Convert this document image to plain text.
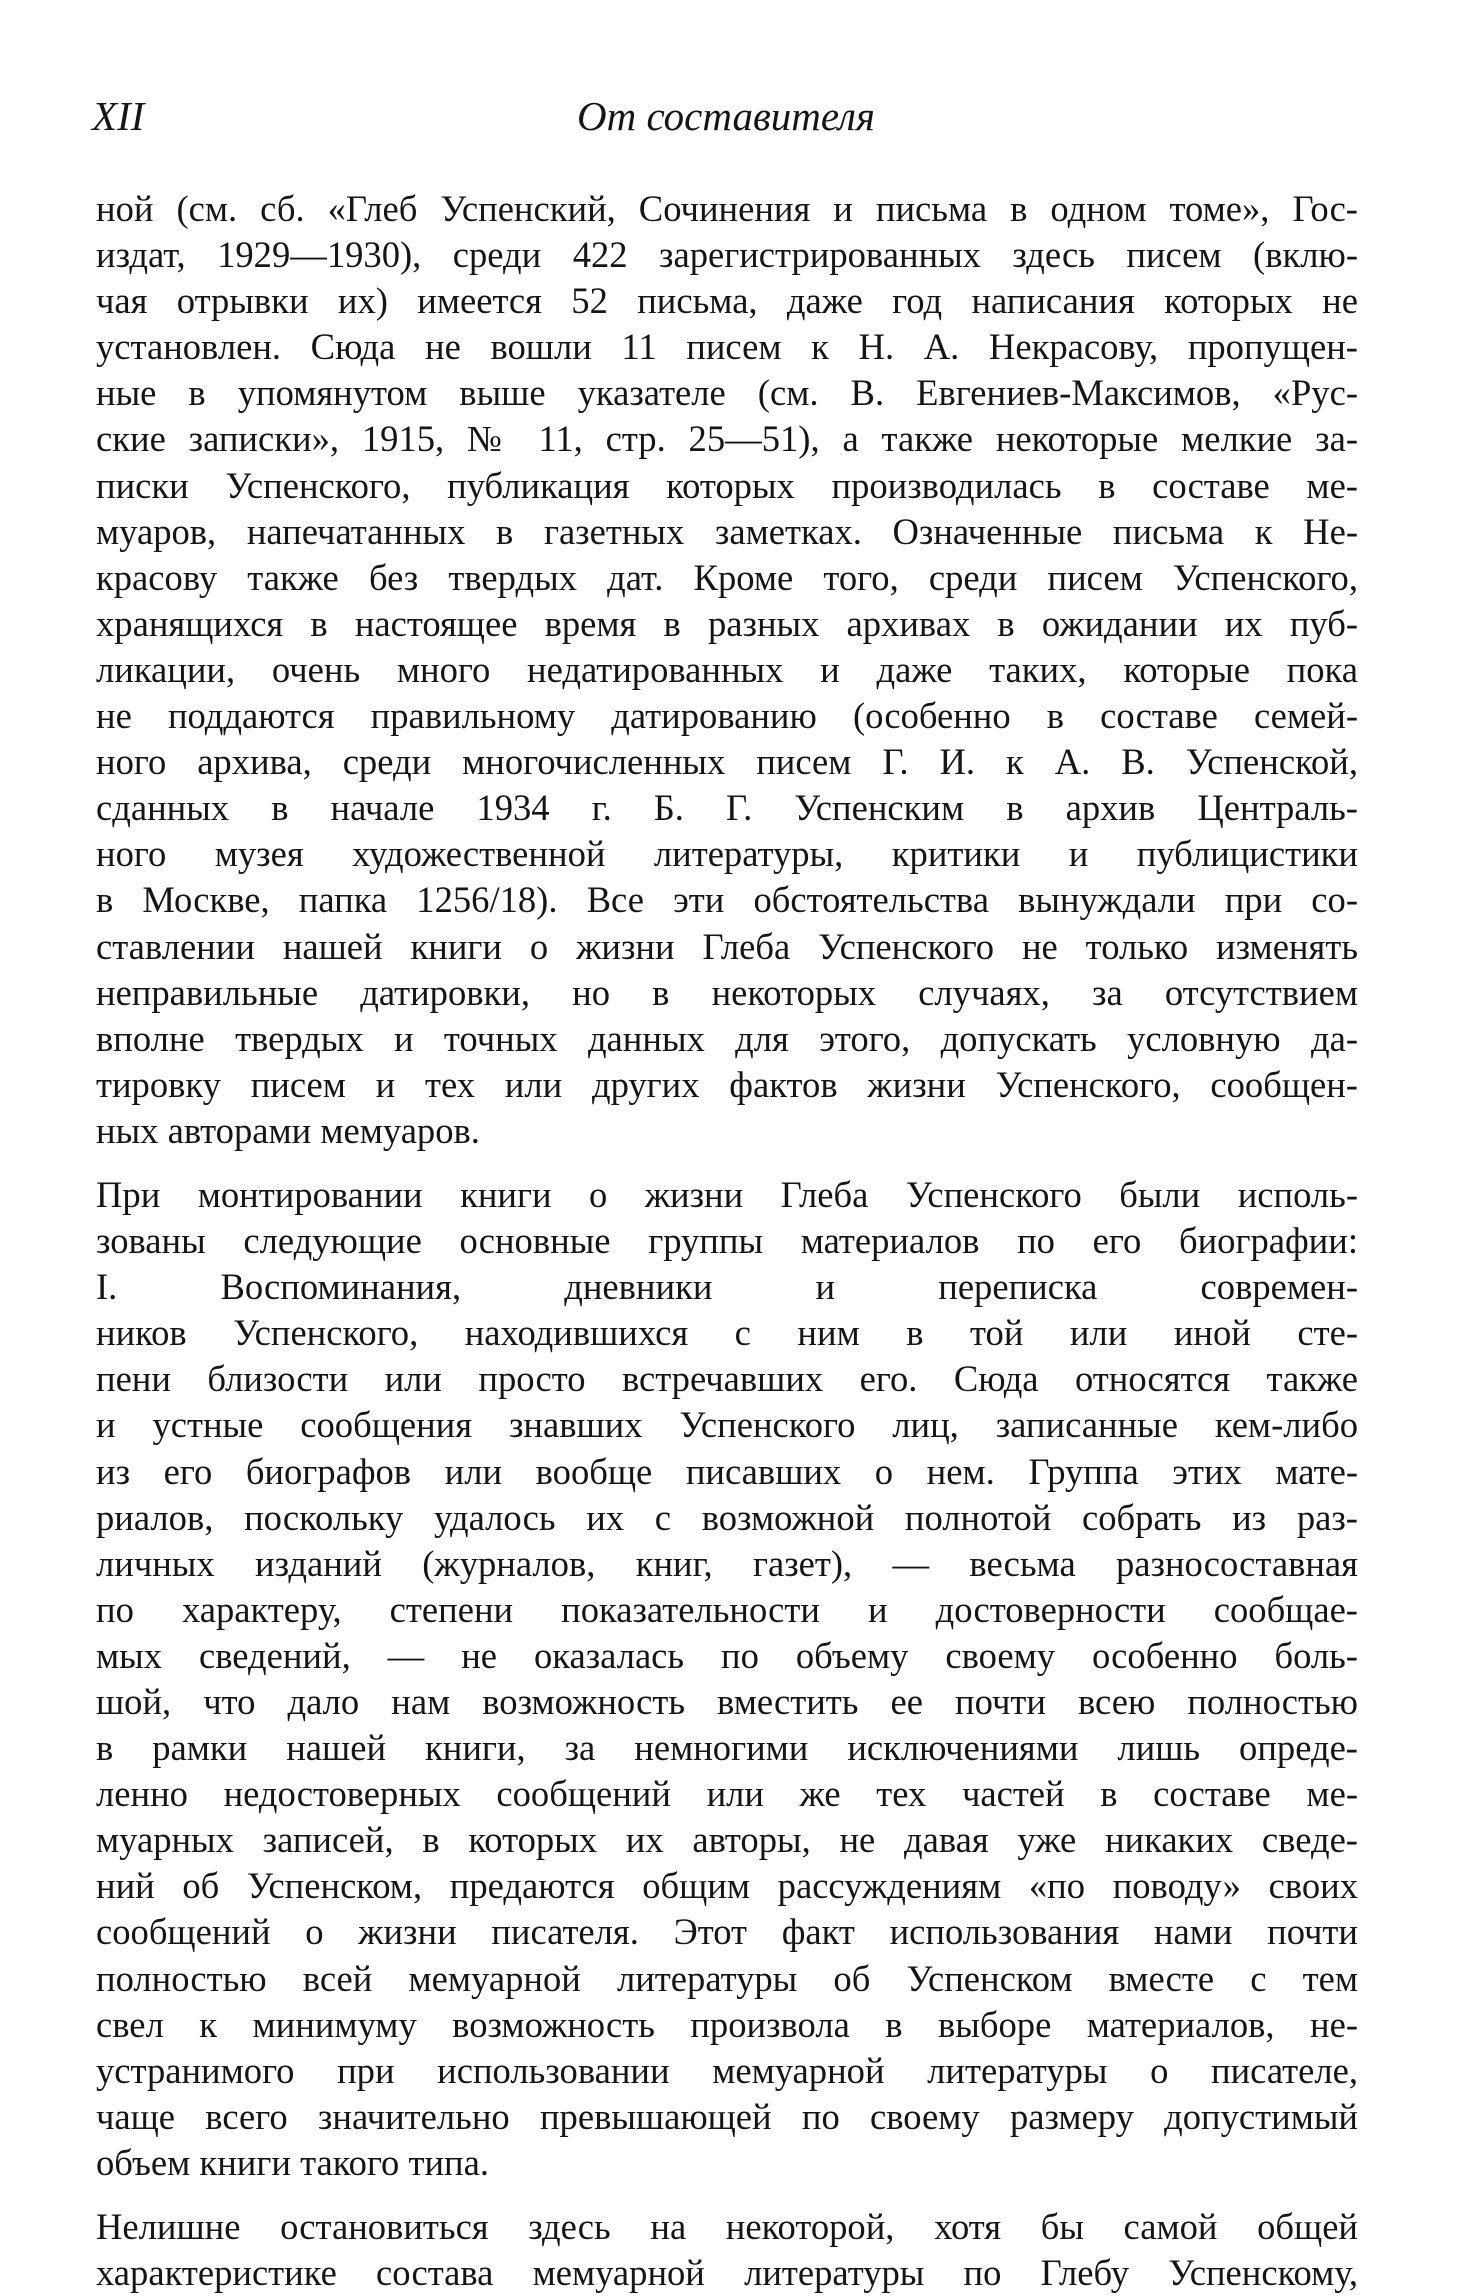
От составителя
XII
ной (см. сб. «Глеб Успенский, Сочинения и письма в одном томе», Гос-
издат, 1929—1930), среди 422 зарегистрированных здесь писем (вклю-
чая отрывки их) имеется 52 письма, даже год написания которых не
установлен. Сюда не вошли 11 писем к Н. А. Некрасову, пропущен-
ные в упомянутом выше указателе (см. В. Евгениев-Максимов, «Рус-
ские записки», 1915, № 11, стр. 25—51), а также некоторые мелкие за-
писки Успенского, публикация которых производилась в составе ме-
муаров, напечатанных в газетных заметках. Означенные письма к Не-
красову также без твердых дат. Кроме того, среди писем Успенского,
хранящихся в настоящее время в разных архивах в ожидании их пуб-
ликации, очень много недатированных и даже таких, которые пока
не поддаются правильному датированию (особенно в составе семей-
ного архива, среди многочисленных писем Г. И. к А. В. Успенской,
сданных в начале 1934 г. Б. Г. Успенским в архив Централь-
ного музея художественной литературы, критики и публицистики
в Москве, папка 1256/18). Все эти обстоятельства вынуждали при со-
ставлении нашей книги о жизни Глеба Успенского не только изменять
неправильные датировки, но в некоторых случаях, за отсутствием
вполне твердых и точных данных для этого, допускать условную да-
тировку писем и тех или других фактов жизни Успенского, сообщен-
ных авторами мемуаров.
При монтировании книги о жизни Глеба Успенского были исполь-
зованы следующие основные группы материалов по его биографии:
I. Воспоминания, дневники и переписка современ-
ников Успенского, находившихся с ним в той или иной сте-
пени близости или просто встречавших его. Сюда относятся также
и устные сообщения знавших Успенского лиц, записанные кем-либо
из его биографов или вообще писавших о нем. Группа этих мате-
риалов, поскольку удалось их с возможной полнотой собрать из раз-
личных изданий (журналов, книг, газет), — весьма разносоставная
по характеру, степени показательности и достоверности сообщае-
мых сведений, — не оказалась по объему своему особенно боль-
шой, что дало нам возможность вместить ее почти всею полностью
в рамки нашей книги, за немногими исключениями лишь опреде-
ленно недостоверных сообщений или же тех частей в составе ме-
муарных записей, в которых их авторы, не давая уже никаких сведе-
ний об Успенском, предаются общим рассуждениям «по поводу» своих
сообщений о жизни писателя. Этот факт использования нами почти
полностью всей мемуарной литературы об Успенском вместе с тем
свел к минимуму возможность произвола в выборе материалов, не-
устранимого при использовании мемуарной литературы о писателе,
чаще всего значительно превышающей по своему размеру допустимый
объем книги такого типа.
Нелишне остановиться здесь на некоторой, хотя бы самой общей
характеристике состава мемуарной литературы по Глебу Успенскому,
